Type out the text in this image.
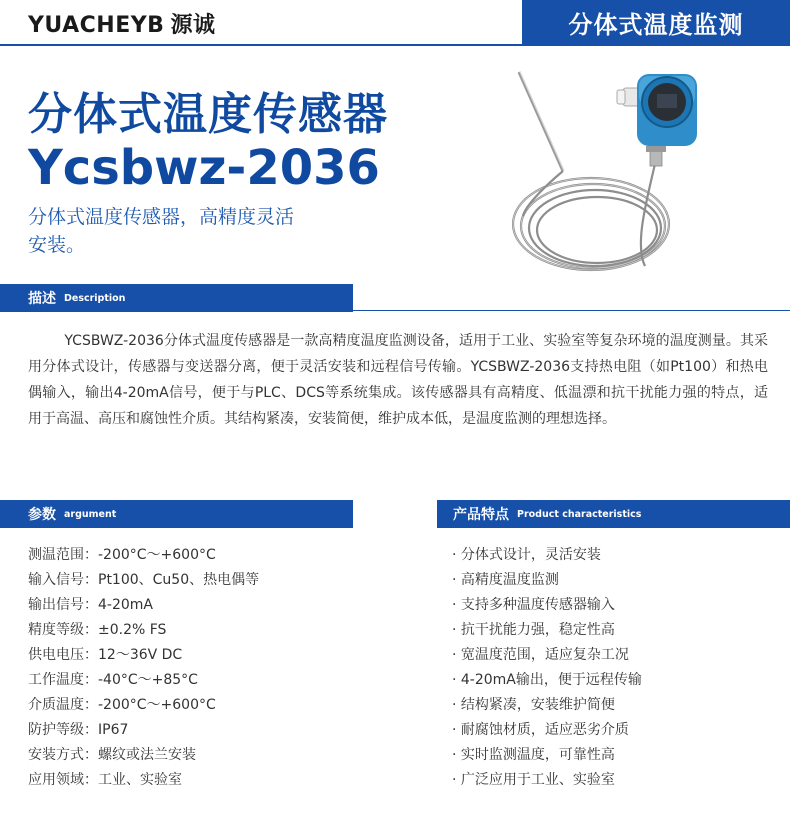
YUACHEYB 源诚	分体式温度监测
分体式温度传感器
Ycsbwz-2036
分体式温度传感器，高精度灵活安装。
描述 Description
YCSBWZ-2036分体式温度传感器是一款高精度温度监测设备，适用于工业、实验室等复杂环境的温度测量。其采用分体式设计，传感器与变送器分离，便于灵活安装和远程信号传输。YCSBWZ-2036支持热电阻（如Pt100）和热电偶输入，输出4-20mA信号，便于与PLC、DCS等系统集成。该传感器具有高精度、低温漂和抗干扰能力强的特点，适用于高温、高压和腐蚀性介质。其结构紧凑，安装简便，维护成本低，是温度监测的理想选择。
参数 argument	产品特点 Product characteristics
测温范围：-200°C～+600°C
输入信号：Pt100、Cu50、热电偶等
输出信号：4-20mA
精度等级：±0.2% FS
供电电压：12～36V DC
工作温度：-40°C～+85°C
介质温度：-200°C～+600°C
防护等级：IP67
安装方式：螺纹或法兰安装
应用领域：工业、实验室
· 分体式设计，灵活安装
· 高精度温度监测
· 支持多种温度传感器输入
· 抗干扰能力强，稳定性高
· 宽温度范围，适应复杂工况
· 4-20mA输出，便于远程传输
· 结构紧凑，安装维护简便
· 耐腐蚀材质，适应恶劣介质
· 实时监测温度，可靠性高
· 广泛应用于工业、实验室
